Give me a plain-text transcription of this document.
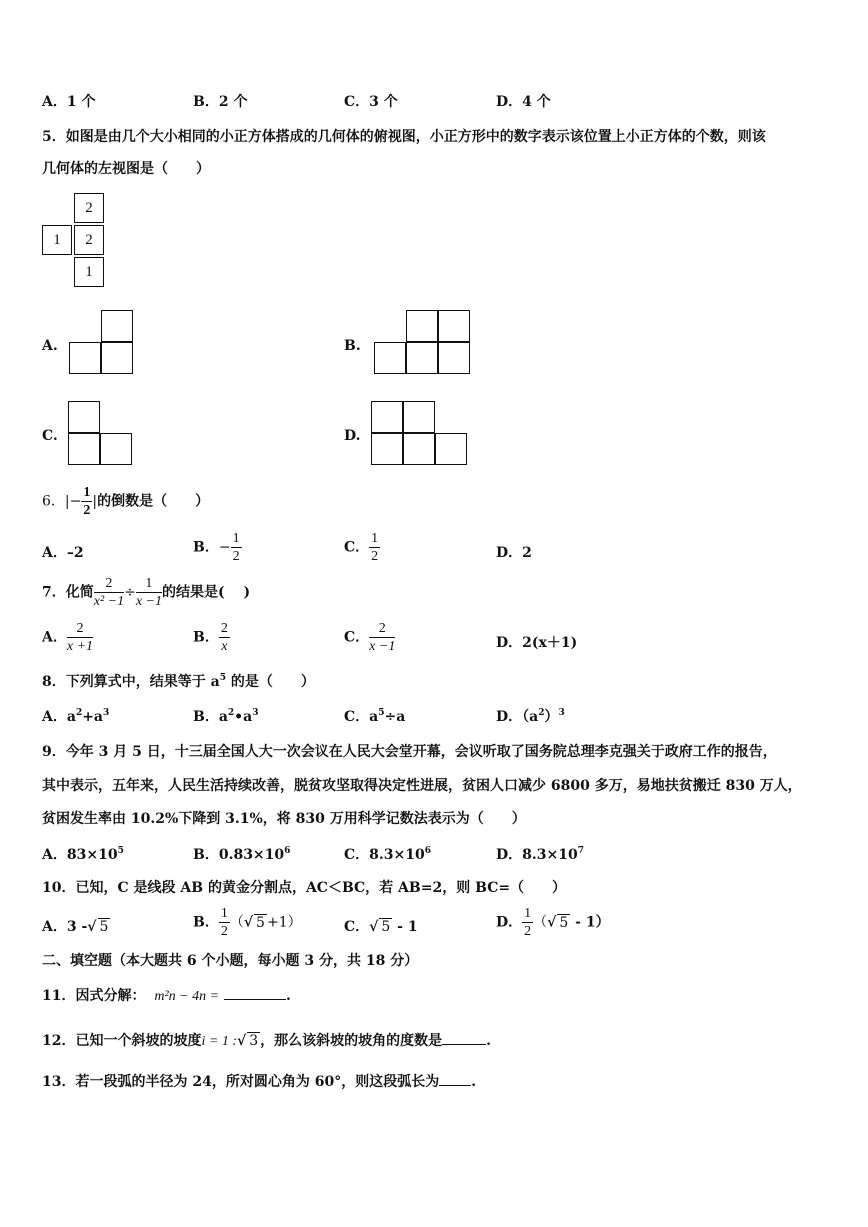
A．1 个	B．2 个	C．3 个	D．4 个
5．如图是由几个大小相同的小正方体搭成的几何体的俯视图，小正方形中的数字表示该位置上小正方体的个数，则该
几何体的左视图是（　　）
2
1	2
1
A.	B.
C.	D.
6．|− $\frac{1}{2}$ |的倒数是（　　）
A．–2	B．− $\frac{1}{2}$	C． $\frac{1}{2}$	D．2
7．化简 $\frac{2}{\text{x² −1}} \div \frac{1}{x -1}$ 的结果是(　 )
A． $\frac{2}{x +1}$	B． $\frac{2}{x}$	C． $\frac{2}{x -1}$	D．2(x＋1)
8．下列算式中，结果等于 $a^5$ 的是（　　）
A．$a^2+a^3$	B．$a^2•a^3$	C．$a^5\div a$	D．$(a^2)^3$
9．今年 3 月 5 日，十三届全国人大一次会议在人民大会堂开幕，会议听取了国务院总理李克强关于政府工作的报告，
其中表示，五年来，人民生活持续改善，脱贫攻坚取得决定性进展，贫困人口减少 6800 多万，易地扶贫搬迁 830 万人，
贫困发生率由 10.2%下降到 3.1%，将 830 万用科学记数法表示为（　　）
A．$83\times 10^5$	B．$0.83\times 10^6$	C．$8.3\times 10^6$	D．$8.3\times 10^7$
10．已知，C 是线段 AB 的黄金分割点，AC＜BC，若 AB=2，则 BC=（　　）
A．3 -√ 5	B． $\frac{1}{2}$ （√ 5 +1）	C．√ 5 - 1	D． $\frac{1}{2}$ （√ 5 - 1）
二、填空题（本大题共 6 个小题，每小题 3 分，共 18 分）
11．因式分解： m²n − 4n =	.
12．已知一个斜坡的坡度i = 1 :√ 3 ，那么该斜坡的坡角的度数是	.
13．若一段弧的半径为 24，所对圆心角为 60°，则这段弧长为 .
